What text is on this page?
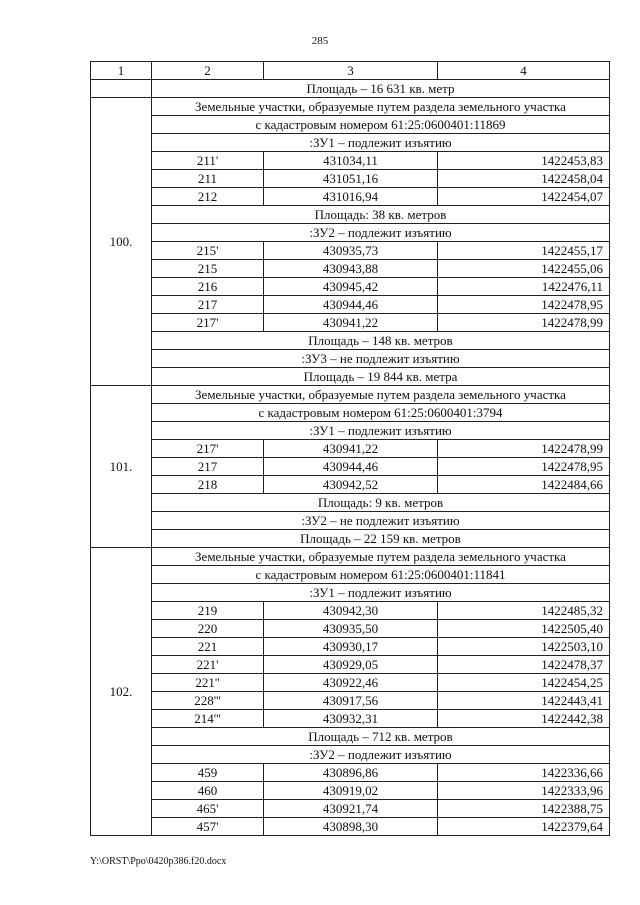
285
1	2	3	4
	Площадь – 16 631 кв. метр		
100.	Земельные участки, образуемые путем раздела земельного участка		
	с кадастровым номером 61:25:0600401:11869		
	:ЗУ1 – подлежит изъятию		
	211'	431034,11	1422453,83
	211	431051,16	1422458,04
	212	431016,94	1422454,07
	Площадь: 38 кв. метров		
	:ЗУ2 – подлежит изъятию		
	215'	430935,73	1422455,17
	215	430943,88	1422455,06
	216	430945,42	1422476,11
	217	430944,46	1422478,95
	217'	430941,22	1422478,99
	Площадь – 148 кв. метров		
	:ЗУ3 – не подлежит изъятию		
	Площадь – 19 844 кв. метра		
101.	Земельные участки, образуемые путем раздела земельного участка		
	с кадастровым номером 61:25:0600401:3794		
	:ЗУ1 – подлежит изъятию		
	217'	430941,22	1422478,99
	217	430944,46	1422478,95
	218	430942,52	1422484,66
	Площадь: 9 кв. метров		
	:ЗУ2 – не подлежит изъятию		
	Площадь – 22 159 кв. метров		
102.	Земельные участки, образуемые путем раздела земельного участка		
	с кадастровым номером 61:25:0600401:11841		
	:ЗУ1 – подлежит изъятию		
	219	430942,30	1422485,32
	220	430935,50	1422505,40
	221	430930,17	1422503,10
	221'	430929,05	1422478,37
	221''	430922,46	1422454,25
	228'''	430917,56	1422443,41
	214'''	430932,31	1422442,38
	Площадь – 712 кв. метров		
	:ЗУ2 – подлежит изъятию		
	459	430896,86	1422336,66
	460	430919,02	1422333,96
	465'	430921,74	1422388,75
	457'	430898,30	1422379,64
Y:\ORST\Ppo\0420p386.f20.docx
